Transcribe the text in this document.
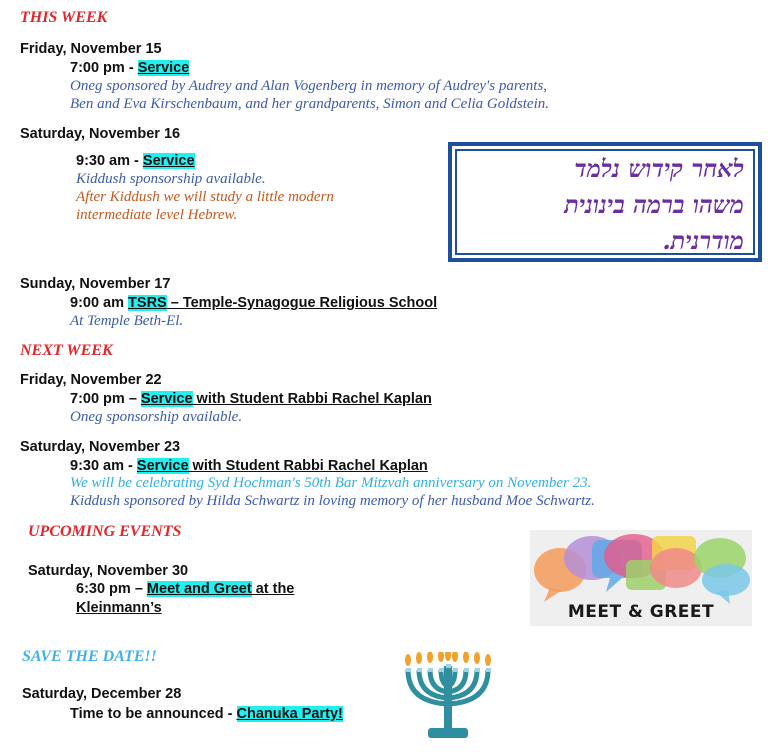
THIS WEEK
Friday, November 15
7:00 pm - Service
Oneg sponsored by Audrey and Alan Vogenberg in memory of Audrey's parents,
Ben and Eva Kirschenbaum, and her grandparents, Simon and Celia Goldstein.
Saturday, November 16
9:30 am - Service
Kiddush sponsorship available.
After Kiddush we will study a little modern
intermediate level Hebrew.
לאחר קידוש נלמד
משהו ברמה בינונית
מודרנית.
Sunday, November 17
9:00 am TSRS – Temple-Synagogue Religious School
At Temple Beth-El.
NEXT WEEK
Friday, November 22
7:00 pm – Service with Student Rabbi Rachel Kaplan
Oneg sponsorship available.
Saturday, November 23
9:30 am - Service with Student Rabbi Rachel Kaplan
We will be celebrating Syd Hochman's 50th Bar Mitzvah anniversary on November 23.
Kiddush sponsored by Hilda Schwartz in loving memory of her husband Moe Schwartz.
UPCOMING EVENTS
Saturday, November 30
6:30 pm – Meet and Greet at the
Kleinmann’s	MEET & GREET
SAVE THE DATE!!
Saturday, December 28
Time to be announced - Chanuka Party!
